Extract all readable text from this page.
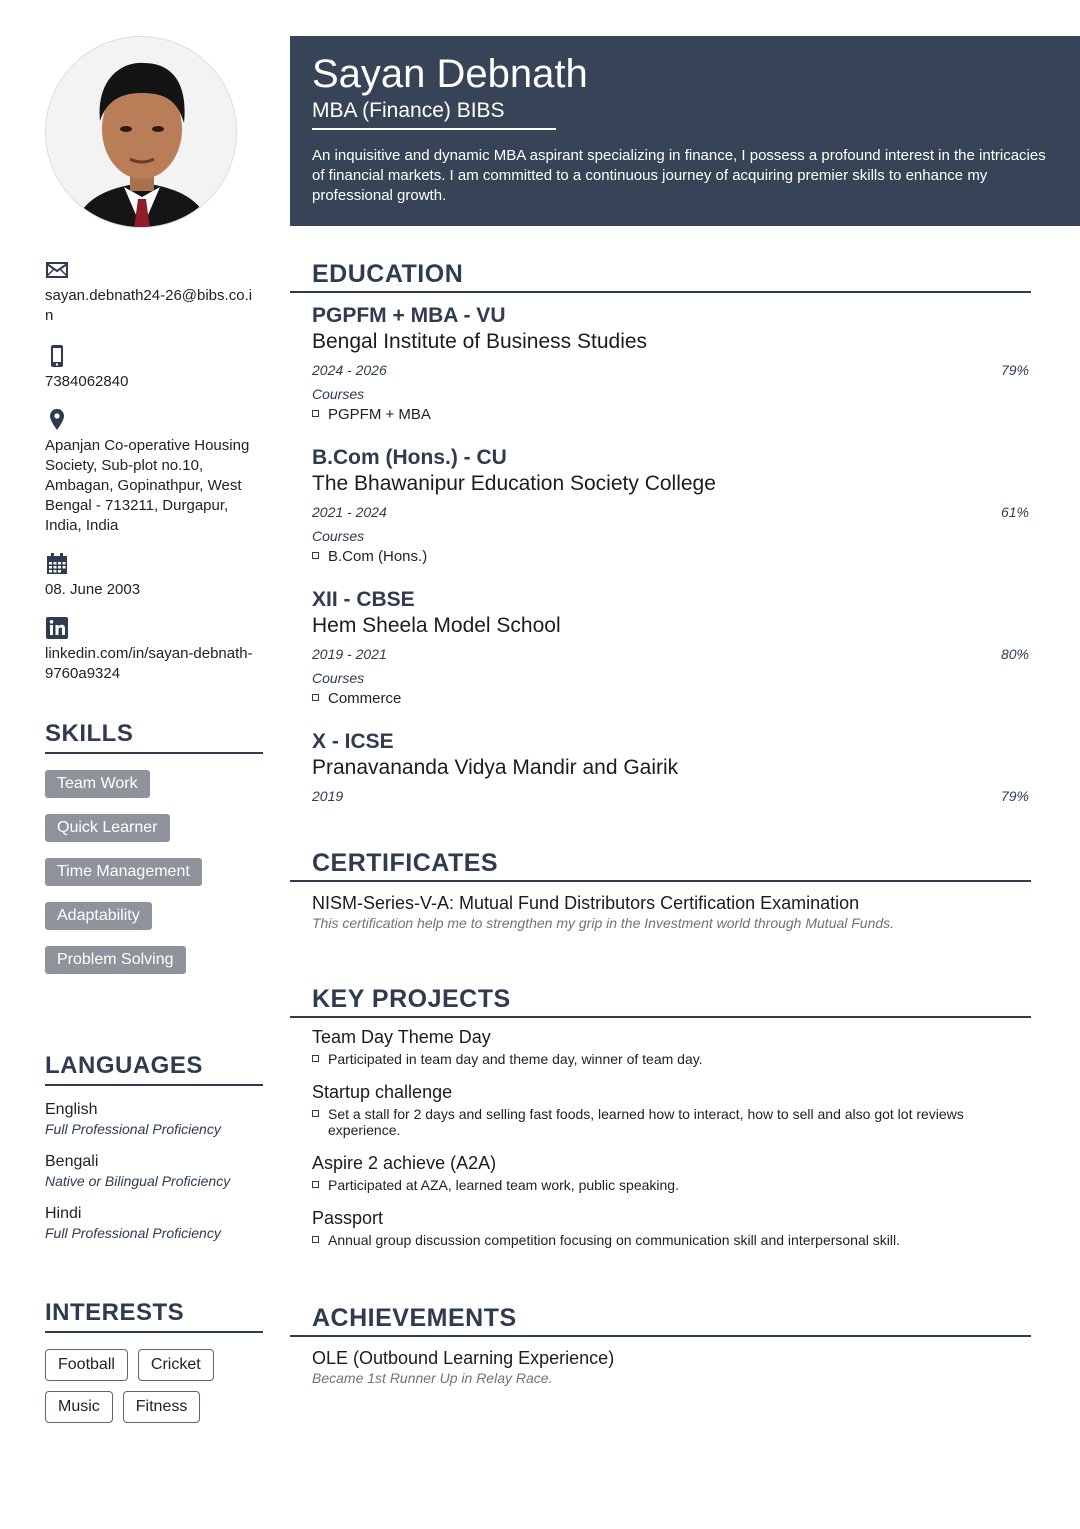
sayan.debnath24-26@bibs.co.in
7384062840
Apanjan Co-operative Housing Society, Sub-plot no.10, Ambagan, Gopinathpur, West Bengal - 713211, Durgapur, India, India
08. June 2003
linkedin.com/in/sayan-debnath-9760a9324
SKILLS
Team Work
Quick Learner
Time Management
Adaptability
Problem Solving
LANGUAGES
English
Full Professional Proficiency
Bengali
Native or Bilingual Proficiency
Hindi
Full Professional Proficiency
INTERESTS
Football	Cricket
Music	Fitness
Sayan Debnath
MBA (Finance) BIBS
An inquisitive and dynamic MBA aspirant specializing in finance, I possess a profound interest in the intricacies of financial markets. I am committed to a continuous journey of acquiring premier skills to enhance my professional growth.
EDUCATION
PGPFM + MBA - VU
Bengal Institute of Business Studies
2024 - 2026	79%
Courses
PGPFM + MBA
B.Com (Hons.) - CU
The Bhawanipur Education Society College
2021 - 2024	61%
Courses
B.Com (Hons.)
XII - CBSE
Hem Sheela Model School
2019 - 2021	80%
Courses
Commerce
X - ICSE
Pranavananda Vidya Mandir and Gairik
2019	79%
CERTIFICATES
NISM-Series-V-A: Mutual Fund Distributors Certification Examination
This certification help me to strengthen my grip in the Investment world through Mutual Funds.
KEY PROJECTS
Team Day Theme Day
Participated in team day and theme day, winner of team day.
Startup challenge
Set a stall for 2 days and selling fast foods, learned how to interact, how to sell and also got lot reviews experience.
Aspire 2 achieve (A2A)
Participated at AZA, learned team work, public speaking.
Passport
Annual group discussion competition focusing on communication skill and interpersonal skill.
ACHIEVEMENTS
OLE (Outbound Learning Experience)
Became 1st Runner Up in Relay Race.
